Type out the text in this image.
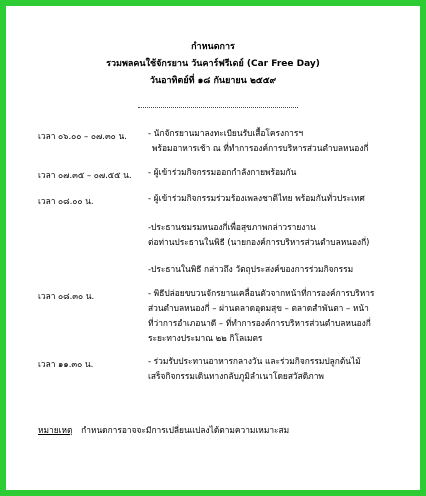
กำหนดการ
รวมพลคนใช้จักรยาน วันคาร์ฟรีเดย์ (Car Free Day)
วันอาทิตย์ที่ ๑๘ กันยายน ๒๕๕๙
เวลา ๐๖.๐๐ – ๐๗.๓๐ น.	- นักจักรยานมาลงทะเบียนรับเสื้อโครงการฯ
พร้อมอาหารเช้า ณ ที่ทำการองค์การบริหารส่วนตำบลหนองกี่
เวลา ๐๗.๓๕ – ๐๗.๕๕ น. - ผู้เข้าร่วมกิจกรรมออกกำลังกายพร้อมกัน
เวลา ๐๘.๐๐ น.	- ผู้เข้าร่วมกิจกรรมร่วมร้องเพลงชาติไทย พร้อมกันทั่วประเทศ
-ประธานชมรมหนองกี่เพื่อสุขภาพกล่าวรายงาน
ต่อท่านประธานในพิธี (นายกองค์การบริหารส่วนตำบลหนองกี่)
-ประธานในพิธี กล่าวถึง วัตถุประสงค์ของการร่วมกิจกรรม
เวลา ๐๘.๓๐ น.	- พิธีปล่อยขบวนจักรยานเคลื่อนตัวจากหน้าที่การองค์การบริหาร
ส่วนตำบลหนองกี่ – ผ่านตลาดอุดมสุข – ตลาดสำพันตา – หน้า
ที่ว่าการอำเภอนาดี – ที่ทำการองค์การบริหารส่วนตำบลหนองกี่
ระยะทางประมาณ ๒๒ กิโลเมตร
เวลา ๑๑.๓๐ น.	- ร่วมรับประทานอาหารกลางวัน และร่วมกิจกรรมปลูกต้นไม้
เสร็จกิจกรรมเดินทางกลับภูมิลำเนาโดยสวัสดิภาพ
หมายเหตุ กำหนดการอาจจะมีการเปลี่ยนแปลงได้ตามความเหมาะสม
